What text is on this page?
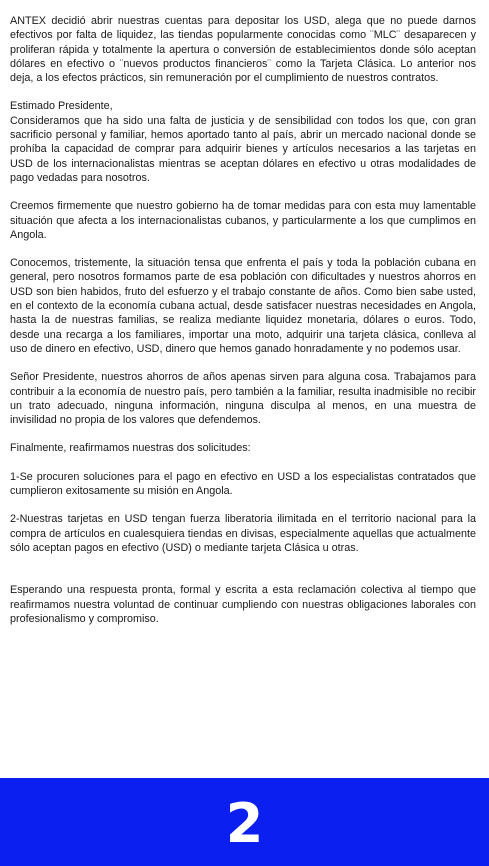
ANTEX decidió abrir nuestras cuentas para depositar los USD, alega que no puede darnos efectivos por falta de liquidez, las tiendas popularmente conocidas como ¨MLC¨ desaparecen y proliferan rápida y totalmente la apertura o conversión de establecimientos donde sólo aceptan dólares en efectivo o ¨nuevos productos financieros¨ como la Tarjeta Clásica. Lo anterior nos deja, a los efectos prácticos, sin remuneración por el cumplimiento de nuestros contratos.

Estimado Presidente,

Consideramos que ha sido una falta de justicia y de sensibilidad con todos los que, con gran sacrificio personal y familiar, hemos aportado tanto al país, abrir un mercado nacional donde se prohíba la capacidad de comprar para adquirir bienes y artículos necesarios a las tarjetas en USD de los internacionalistas mientras se aceptan dólares en efectivo u otras modalidades de pago vedadas para nosotros.

Creemos firmemente que nuestro gobierno ha de tomar medidas para con esta muy lamentable situación que afecta a los internacionalistas cubanos, y particularmente a los que cumplimos en Angola.

Conocemos, tristemente, la situación tensa que enfrenta el país y toda la población cubana en general, pero nosotros formamos parte de esa población con dificultades y nuestros ahorros en USD son bien habidos, fruto del esfuerzo y el trabajo constante de años. Como bien sabe usted, en el contexto de la economía cubana actual, desde satisfacer nuestras necesidades en Angola, hasta la de nuestras familias, se realiza mediante liquidez monetaria, dólares o euros. Todo, desde una recarga a los familiares, importar una moto, adquirir una tarjeta clásica, conlleva al uso de dinero en efectivo, USD, dinero que hemos ganado honradamente y no podemos usar.

Señor Presidente, nuestros ahorros de años apenas sirven para alguna cosa. Trabajamos para contribuir a la economía de nuestro país, pero también a la familiar, resulta inadmisible no recibir un trato adecuado, ninguna información, ninguna disculpa al menos, en una muestra de invisilidad no propia de los valores que defendemos.

Finalmente, reafirmamos nuestras dos solicitudes:

1-Se procuren soluciones para el pago en efectivo en USD a los especialistas contratados que cumplieron exitosamente su misión en Angola.

2-Nuestras tarjetas en USD tengan fuerza liberatoria ilimitada en el territorio nacional para la compra de artículos en cualesquiera tiendas en divisas, especialmente aquellas que actualmente sólo aceptan pagos en efectivo (USD) o mediante tarjeta Clásica u otras.

Esperando una respuesta pronta, formal y escrita a esta reclamación colectiva al tiempo que reafirmamos nuestra voluntad de continuar cumpliendo con nuestras obligaciones laborales con profesionalismo y compromiso.

2
